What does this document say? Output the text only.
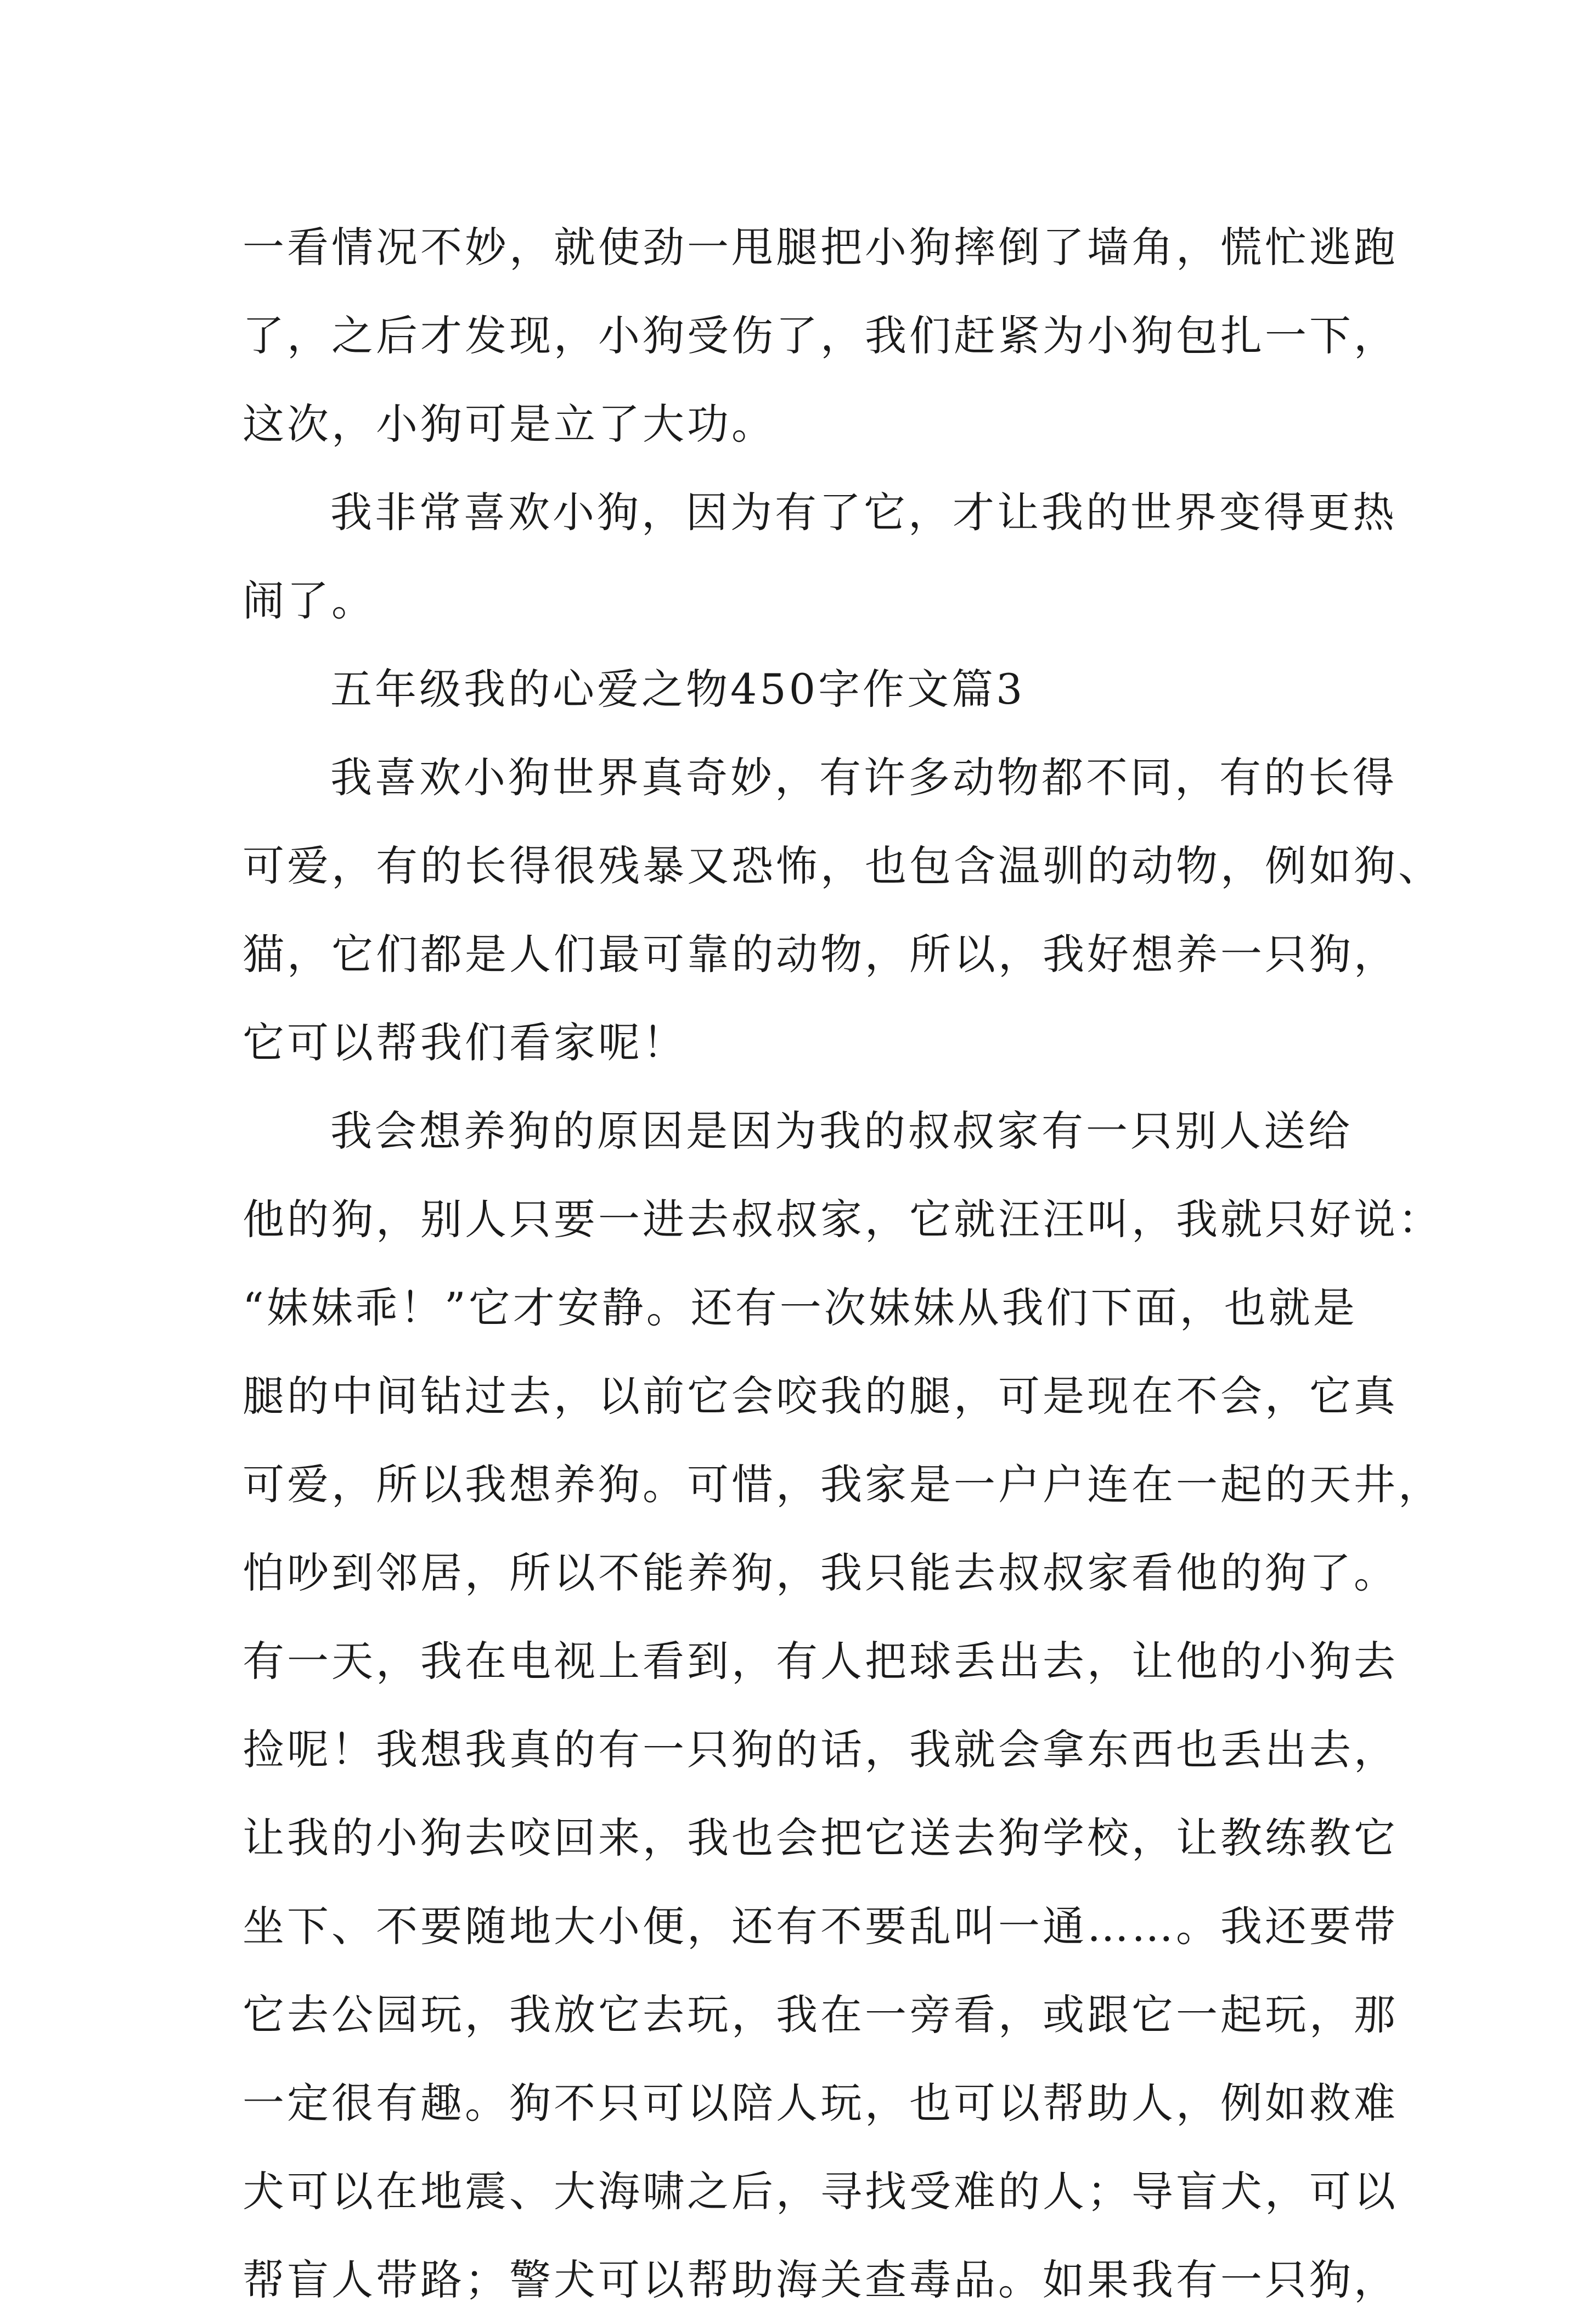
一看情况不妙，就使劲一甩腿把小狗摔倒了墙角，慌忙逃跑
了，之后才发现，小狗受伤了，我们赶紧为小狗包扎一下，
这次，小狗可是立了大功。
我非常喜欢小狗，因为有了它，才让我的世界变得更热
闹了。
五年级我的心爱之物450字作文篇3
我喜欢小狗世界真奇妙，有许多动物都不同，有的长得
可爱，有的长得很残暴又恐怖，也包含温驯的动物，例如狗、
猫，它们都是人们最可靠的动物，所以，我好想养一只狗，
它可以帮我们看家呢！
我会想养狗的原因是因为我的叔叔家有一只别人送给
他的狗，别人只要一进去叔叔家，它就汪汪叫，我就只好说：
“妹妹乖！”它才安静。还有一次妹妹从我们下面，也就是
腿的中间钻过去，以前它会咬我的腿，可是现在不会，它真
可爱，所以我想养狗。可惜，我家是一户户连在一起的天井，
怕吵到邻居，所以不能养狗，我只能去叔叔家看他的狗了。
有一天，我在电视上看到，有人把球丢出去，让他的小狗去
捡呢！我想我真的有一只狗的话，我就会拿东西也丢出去，
让我的小狗去咬回来，我也会把它送去狗学校，让教练教它
坐下、不要随地大小便，还有不要乱叫一通……。我还要带
它去公园玩，我放它去玩，我在一旁看，或跟它一起玩，那
一定很有趣。狗不只可以陪人玩，也可以帮助人，例如救难
犬可以在地震、大海啸之后，寻找受难的人；导盲犬，可以
帮盲人带路；警犬可以帮助海关查毒品。如果我有一只狗，
